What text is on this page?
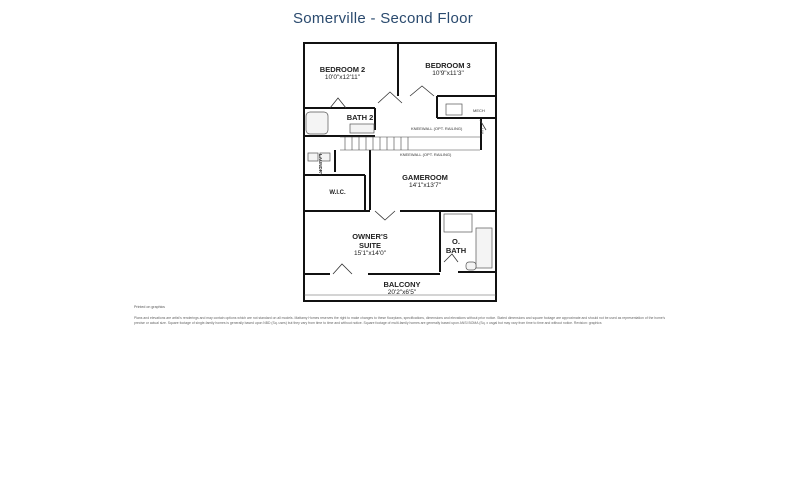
Somerville - Second Floor
BEDROOM 2
10'0"x12'11"
BEDROOM 3
10'9"x11'3"
BATH 2
GAMEROOM
14'1"x13'7"
W.I.C.
OWNER'S
SUITE
15'1"x14'0"
O.
BATH
BALCONY
20'2"x6'5"
LAUNDRY
LIN
MECH
KNEEWALL (OPT. RAILING)
KNEEWALL (OPT. RAILING)
Printed on graphics
Plans and elevations are artist's renderings and may contain options which are not standard on all models. Mattamy Homes reserves the right to make changes to these floorplans, specifications, dimensions and elevations without prior notice. Stated dimensions and square footage are approximate and should not be used as representation of the home's precise or actual size. Square footage of single-family homes is generally based upon NBD (Sq. uses) but they vary from time to time and without notice. Square footage of multi-family homes are generally based upon ANSI BOMA (Sq. x usgal but may vary from time to time and without notice. Revision: graphics
